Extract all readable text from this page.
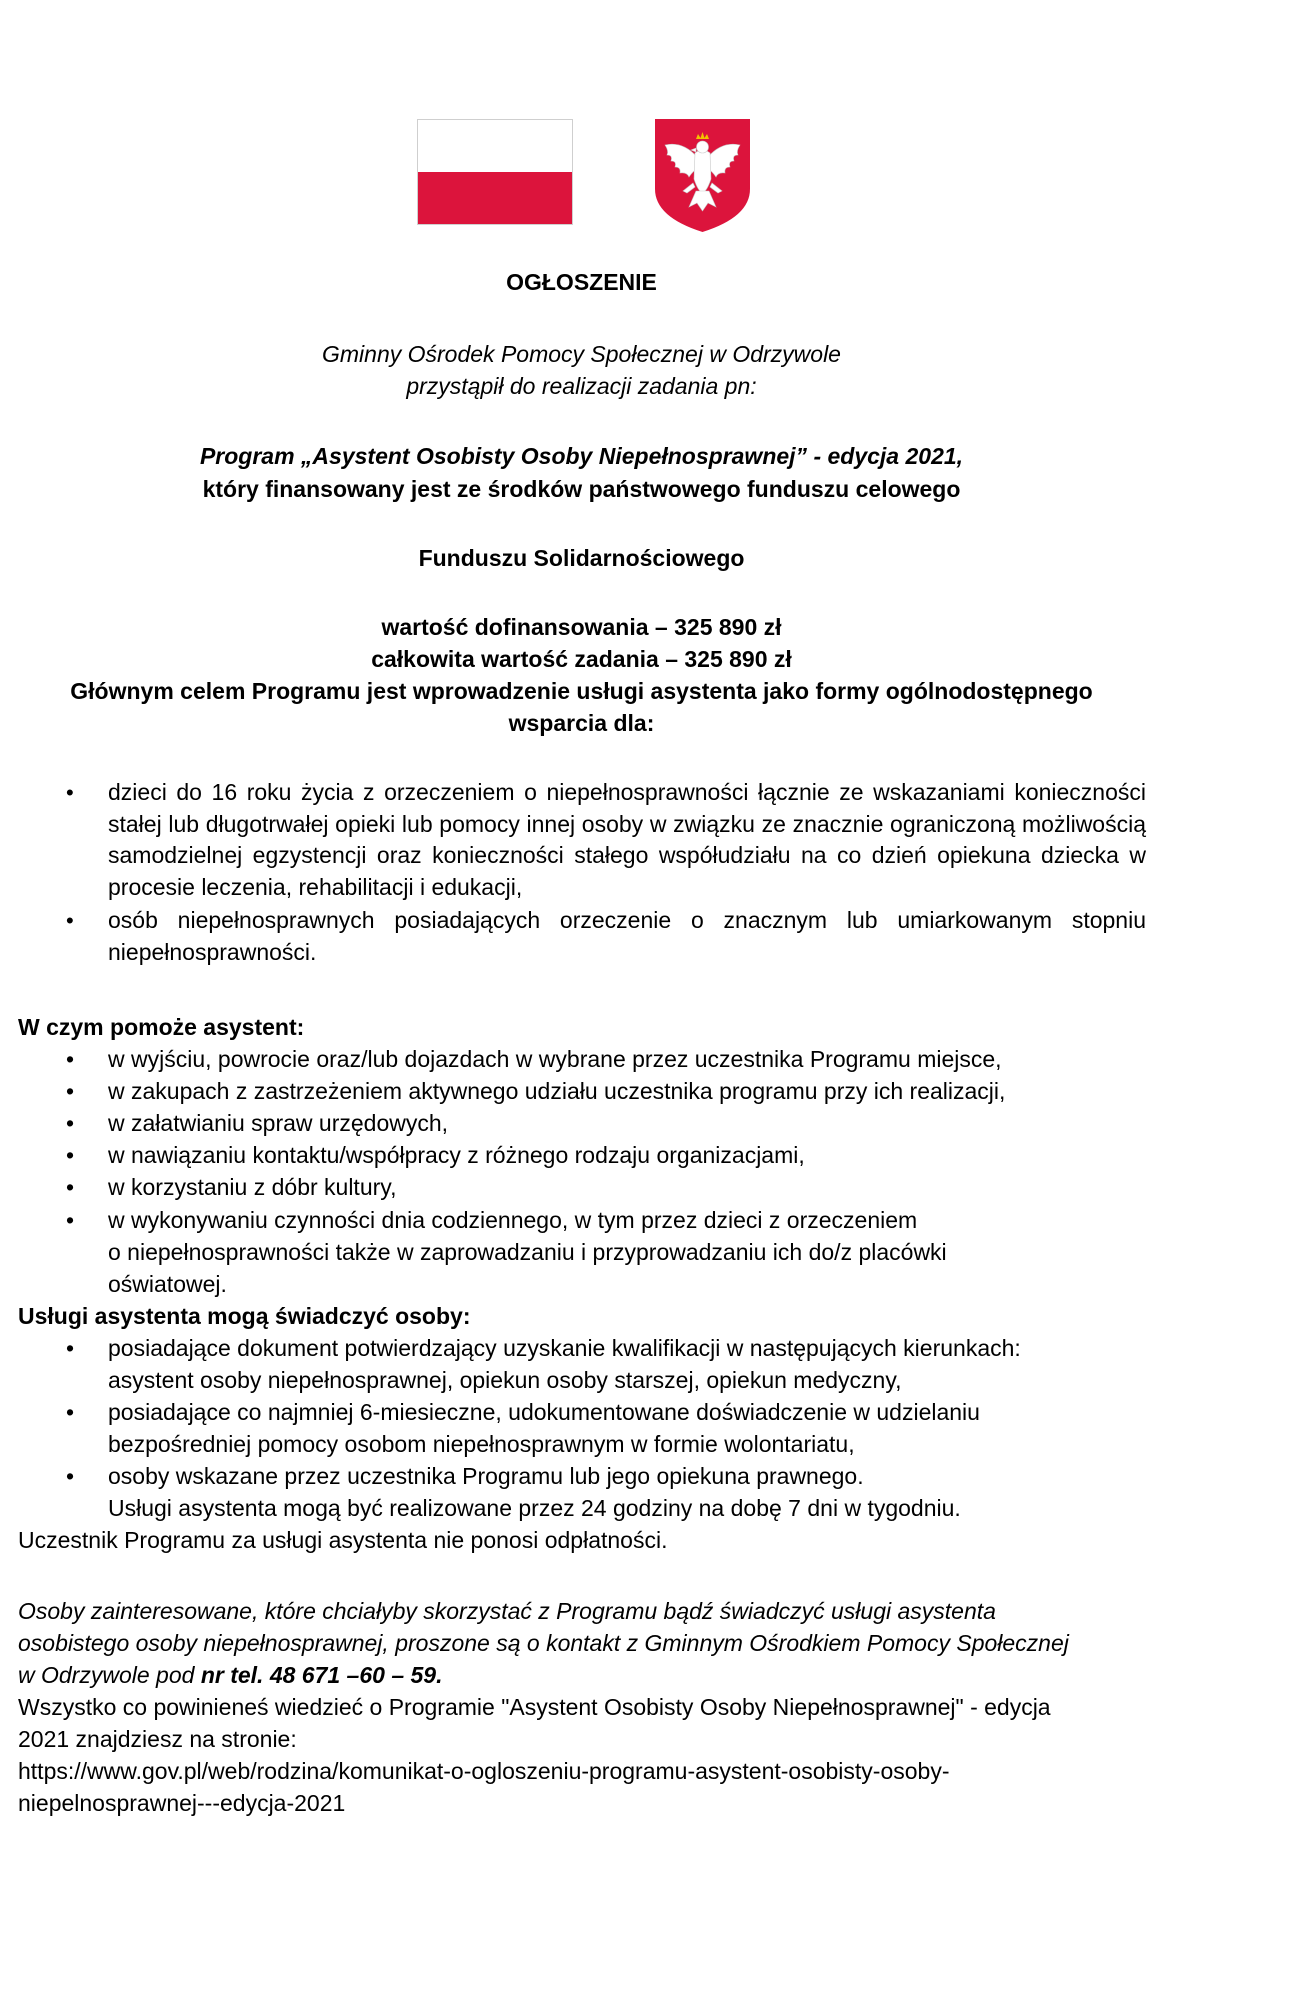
OGŁOSZENIE
Gminny Ośrodek Pomocy Społecznej w Odrzywole
przystąpił do realizacji zadania pn:
Program „Asystent Osobisty Osoby Niepełnosprawnej” - edycja 2021,
który finansowany jest ze środków państwowego funduszu celowego
Funduszu Solidarnościowego
wartość dofinansowania – 325 890 zł
całkowita wartość zadania – 325 890 zł
Głównym celem Programu jest wprowadzenie usługi asystenta jako formy ogólnodostępnego
wsparcia dla:
• dzieci do 16 roku życia z orzeczeniem o niepełnosprawności łącznie ze wskazaniami konieczności stałej lub długotrwałej opieki lub pomocy innej osoby w związku ze znacznie ograniczoną możliwością samodzielnej egzystencji oraz konieczności stałego współudziału na co dzień opiekuna dziecka w procesie leczenia, rehabilitacji i edukacji,
• osób niepełnosprawnych posiadających orzeczenie o znacznym lub umiarkowanym stopniu niepełnosprawności.
W czym pomoże asystent:
• w wyjściu, powrocie oraz/lub dojazdach w wybrane przez uczestnika Programu miejsce,
• w zakupach z zastrzeżeniem aktywnego udziału uczestnika programu przy ich realizacji,
• w załatwianiu spraw urzędowych,
• w nawiązaniu kontaktu/współpracy z różnego rodzaju organizacjami,
• w korzystaniu z dóbr kultury,
• w wykonywaniu czynności dnia codziennego, w tym przez dzieci z orzeczeniem
o niepełnosprawności także w zaprowadzaniu i przyprowadzaniu ich do/z placówki
oświatowej.
Usługi asystenta mogą świadczyć osoby:
• posiadające dokument potwierdzający uzyskanie kwalifikacji w następujących kierunkach:
asystent osoby niepełnosprawnej, opiekun osoby starszej, opiekun medyczny,
• posiadające co najmniej 6-miesieczne, udokumentowane doświadczenie w udzielaniu
bezpośredniej pomocy osobom niepełnosprawnym w formie wolontariatu,
• osoby wskazane przez uczestnika Programu lub jego opiekuna prawnego.
Usługi asystenta mogą być realizowane przez 24 godziny na dobę 7 dni w tygodniu.
Uczestnik Programu za usługi asystenta nie ponosi odpłatności.
Osoby zainteresowane, które chciałyby skorzystać z Programu bądź świadczyć usługi asystenta
osobistego osoby niepełnosprawnej, proszone są o kontakt z Gminnym Ośrodkiem Pomocy Społecznej
w Odrzywole pod nr tel. 48 671 –60 – 59.
Wszystko co powinieneś wiedzieć o Programie "Asystent Osobisty Osoby Niepełnosprawnej" - edycja
2021 znajdziesz na stronie:
https://www.gov.pl/web/rodzina/komunikat-o-ogloszeniu-programu-asystent-osobisty-osoby-
niepelnosprawnej---edycja-2021
